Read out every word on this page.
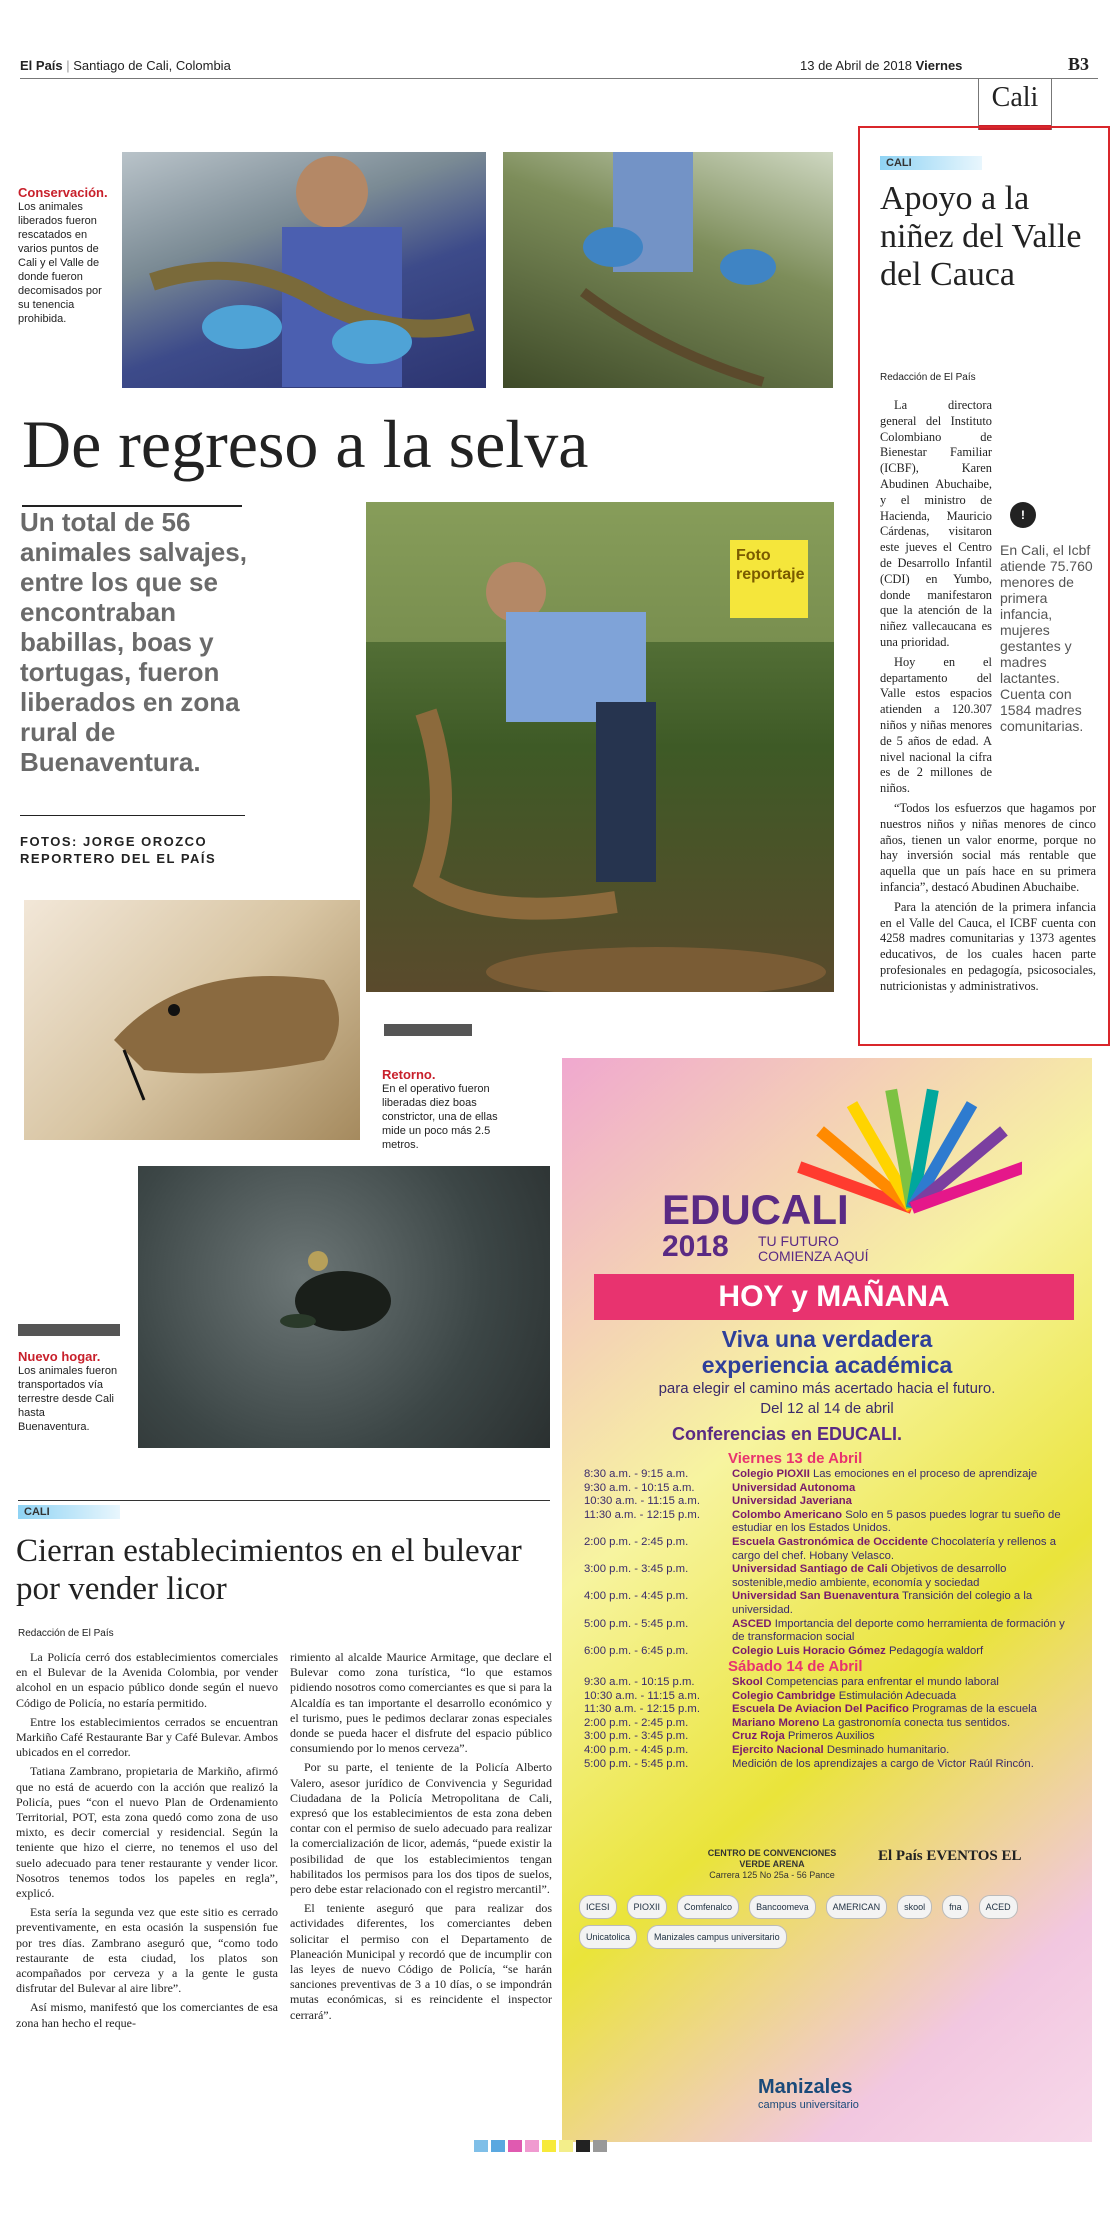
El País | Santiago de Cali, Colombia	13 de Abril de 2018 Viernes	B3
Cali
Conservación.
Los animales liberados fueron rescatados en varios puntos de Cali y el Valle de donde fueron decomisados por su tenencia prohibida.
De regreso a la selva
Un total de 56 animales salvajes, entre los que se encontraban babillas, boas y tortugas, fueron liberados en zona rural de Buenaventura.
FOTOS: JORGE OROZCO
REPORTERO DEL EL PAÍS
Foto reportaje
Retorno.
En el operativo fueron liberadas diez boas constrictor, una de ellas mide un poco más 2.5 metros.
Nuevo hogar.
Los animales fueron transportados vía terrestre desde Cali hasta Buenaventura.
CALI
Apoyo a la niñez del Valle del Cauca
Redacción de El País
!
En Cali, el Icbf atiende 75.760 menores de primera infancia, mujeres gestantes y madres lactantes. Cuenta con 1584 madres comunitarias.

La directora general del Instituto Colombiano de Bienestar Familiar (ICBF), Karen Abudinen Abuchaibe, y el ministro de Hacienda, Mauricio Cárdenas, visitaron este jueves el Centro de Desarrollo Infantil (CDI) en Yumbo, donde manifestaron que la atención de la niñez vallecaucana es una prioridad.

Hoy en el departamento del Valle estos espacios atienden a 120.307 niños y niñas menores de 5 años de edad. A nivel nacional la cifra es de 2 millones de niños.

“Todos los esfuerzos que hagamos por nuestros niños y niñas menores de cinco años, tienen un valor enorme, porque no hay inversión social más rentable que aquella que un país hace en su primera infancia”, destacó Abudinen Abuchaibe.

Para la atención de la primera infancia en el Valle del Cauca, el ICBF cuenta con 4258 madres comunitarias y 1373 agentes educativos, de los cuales hacen parte profesionales en pedagogía, psicosociales, nutricionistas y administrativos.

CALI
Cierran establecimientos en el bulevar por vender licor
Redacción de El País

La Policía cerró dos establecimientos comerciales en el Bulevar de la Avenida Colombia, por vender alcohol en un espacio público donde según el nuevo Código de Policía, no estaría permitido.

Entre los establecimientos cerrados se encuentran Markiño Café Restaurante Bar y Café Bulevar. Ambos ubicados en el corredor.

Tatiana Zambrano, propietaria de Markiño, afirmó que no está de acuerdo con la acción que realizó la Policía, pues “con el nuevo Plan de Ordenamiento Territorial, POT, esta zona quedó como zona de uso mixto, es decir comercial y residencial. Según la teniente que hizo el cierre, no tenemos el uso del suelo adecuado para tener restaurante y vender licor. Nosotros tenemos todos los papeles en regla”, explicó.

Esta sería la segunda vez que este sitio es cerrado preventivamente, en esta ocasión la suspensión fue por tres días. Zambrano aseguró que, “como todo restaurante de esta ciudad, los platos son acompañados por cerveza y a la gente le gusta disfrutar del Bulevar al aire libre”.

Así mismo, manifestó que los comerciantes de esa zona han hecho el reque-

rimiento al alcalde Maurice Armitage, que declare el Bulevar como zona turística, “lo que estamos pidiendo nosotros como comerciantes es que si para la Alcaldía es tan importante el desarrollo económico y el turismo, pues le pedimos declarar zonas especiales donde se pueda hacer el disfrute del espacio público consumiendo por lo menos cerveza”.

Por su parte, el teniente de la Policía Alberto Valero, asesor jurídico de Convivencia y Seguridad Ciudadana de la Policía Metropolitana de Cali, expresó que los establecimientos de esta zona deben contar con el permiso de suelo adecuado para realizar la comercialización de licor, además, “puede existir la posibilidad de que los establecimientos tengan habilitados los permisos para los dos tipos de suelos, pero debe estar relacionado con el registro mercantil”.

El teniente aseguró que para realizar dos actividades diferentes, los comerciantes deben solicitar el permiso con el Departamento de Planeación Municipal y recordó que de incumplir con las leyes de nuevo Código de Policía, “se harán sanciones preventivas de 3 a 10 días, o se impondrán mutas económicas, si es reincidente el inspector cerrará”.

EDUCALI
2018 TU FUTURO
COMIENZA AQUÍ
HOY y MAÑANA
Viva una verdadera
experiencia académica
para elegir el camino más acertado hacia el futuro.
Del 12 al 14 de abril
Conferencias en EDUCALI.
Viernes 13 de Abril
8:30 a.m. - 9:15 a.m.	Colegio PIOXII Las emociones en el proceso de aprendizaje
9:30 a.m. - 10:15 a.m.	Universidad Autonoma
10:30 a.m. - 11:15 a.m.	Universidad Javeriana
11:30 a.m. - 12:15 p.m.	Colombo Americano Solo en 5 pasos puedes lograr tu sueño de estudiar en los Estados Unidos.
2:00 p.m. - 2:45 p.m.	Escuela Gastronómica de Occidente Chocolatería y rellenos a cargo del chef. Hobany Velasco.
3:00 p.m. - 3:45 p.m.	Universidad Santiago de Cali Objetivos de desarrollo sostenible,medio ambiente, economía y sociedad
4:00 p.m. - 4:45 p.m.	Universidad San Buenaventura Transición del colegio a la universidad.
5:00 p.m. - 5:45 p.m.	ASCED Importancia del deporte como herramienta de formación y de transformacion social
6:00 p.m. - 6:45 p.m.	Colegio Luis Horacio Gómez Pedagogía waldorf
Sábado 14 de Abril
9:30 a.m. - 10:15 p.m.	Skool Competencias para enfrentar el mundo laboral
10:30 a.m. - 11:15 a.m.	Colegio Cambridge Estimulación Adecuada
11:30 a.m. - 12:15 p.m.	Escuela De Aviacion Del Pacifico Programas de la escuela
2:00 p.m. - 2:45 p.m.	Mariano Moreno La gastronomía conecta tus sentidos.
3:00 p.m. - 3:45 p.m.	Cruz Roja Primeros Auxilios
4:00 p.m. - 4:45 p.m.	Ejercito Nacional Desminado humanitario.
5:00 p.m. - 5:45 p.m.	Medición de los aprendizajes a cargo de Victor Raúl Rincón.
CENTRO DE CONVENCIONES
VERDE ARENA
Carrera 125 No 25a - 56 Pance
El País EVENTOS EL
ICESI	PIOXII	Comfenalco	Bancoomeva	AMERICAN	skool	fna	ACED Unicatolica	Manizales campus universitario
Manizales
campus universitario
